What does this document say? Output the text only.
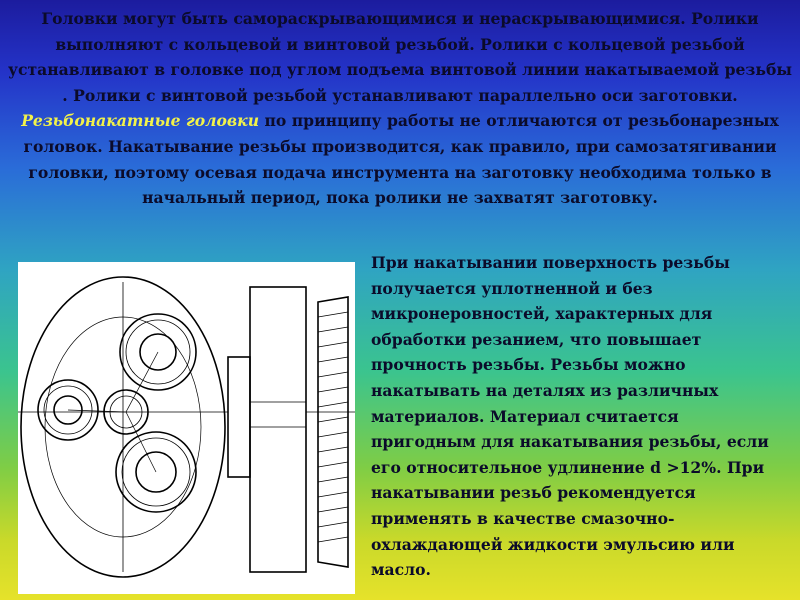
Головки могут быть самораскрывающимися и нераскрывающимися. Ролики выполняют с кольцевой и винтовой резьбой. Ролики с кольцевой резьбой устанавливают в головке под углом подъема винтовой линии накатываемой резьбы . Ролики с винтовой резьбой устанавливают параллельно оси заготовки. Резьбонакатные головки по принципу работы не отличаются от резьбонарезных головок. Накатывание резьбы производится, как правило, при самозатягивании головки, поэтому осевая подача инструмента на заготовку необходима только в начальный период, пока ролики не захватят заготовку.
При накатывании поверхность резьбы получается уплотненной и без микронеровностей, характерных для обработки резанием, что повышает прочность резьбы. Резьбы можно накатывать на деталях из различных материалов. Материал считается пригодным для накатывания резьбы, если его относительное удлинение d >12%. При накатывании резьб рекомендуется применять в качестве смазочно-охлаждающей жидкости эмульсию или масло.
